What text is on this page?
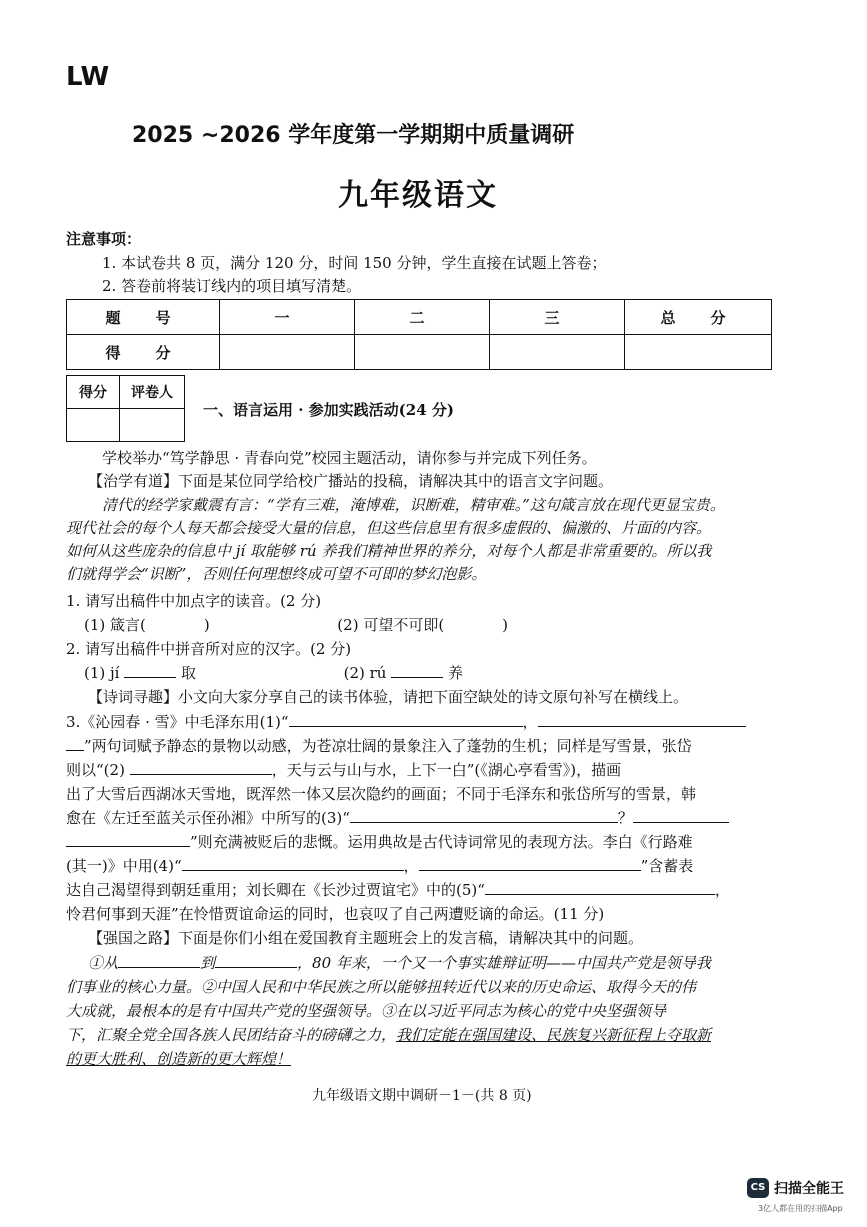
LW
2025 ~2026 学年度第一学期期中质量调研
九年级语文
注意事项：
1. 本试卷共 8 页，满分 120 分，时间 150 分钟，学生直接在试题上答卷；
2. 答卷前将装订线内的项目填写清楚。
题　号	一	二	三	总　分
得　分				
得分	评卷人

一、语言运用 · 参加实践活动(24 分)
学校举办“笃学静思 · 青春向党”校园主题活动，请你参与并完成下列任务。
【治学有道】下面是某位同学给校广播站的投稿，请解决其中的语言文字问题。
清代的经学家戴震有言：“学有三难，淹博难，识断难，精审难。”这句箴言放在现代更显宝贵。
现代社会的每个人每天都会接受大量的信息，但这些信息里有很多虚假的、偏激的、片面的内容。
如何从这些庞杂的信息中 jí 取能够 rú 养我们精神世界的养分，对每个人都是非常重要的。所以我
们就得学会“识断”，否则任何理想终成可望不可即的梦幻泡影。
1. 请写出稿件中加点字的读音。(2 分)
(1) 箴言(	)	(2) 可望不可即(	)
2. 请写出稿件中拼音所对应的汉字。(2 分)
(1) jí	取	(2) rú	养
【诗词寻趣】小文向大家分享自己的读书体验，请把下面空缺处的诗文原句补写在横线上。
3.《沁园春 · 雪》中毛泽东用(1)“	，
”两句词赋予静态的景物以动感，为苍凉壮阔的景象注入了蓬勃的生机；同样是写雪景，张岱
则以“(2)	，天与云与山与水，上下一白”(《湖心亭看雪》)，描画
出了大雪后西湖冰天雪地，既浑然一体又层次隐约的画面；不同于毛泽东和张岱所写的雪景，韩
愈在《左迁至蓝关示侄孙湘》中所写的(3)“	？
”则充满被贬后的悲慨。运用典故是古代诗词常见的表现方法。李白《行路难
(其一)》中用(4)“	，	”含蓄表
达自己渴望得到朝廷重用；刘长卿在《长沙过贾谊宅》中的(5)“	，
怜君何事到天涯”在怜惜贾谊命运的同时，也哀叹了自己两遭贬谪的命运。(11 分)
【强国之路】下面是你们小组在爱国教育主题班会上的发言稿，请解决其中的问题。
①从	到	，80 年来，一个又一个事实雄辩证明——中国共产党是领导我
们事业的核心力量。②中国人民和中华民族之所以能够扭转近代以来的历史命运、取得今天的伟
大成就，最根本的是有中国共产党的坚强领导。③在以习近平同志为核心的党中央坚强领导
下，汇聚全党全国各族人民团结奋斗的磅礴之力，我们定能在强国建设、民族复兴新征程上夺取新
的更大胜利、创造新的更大辉煌！
九年级语文期中调研－1－(共 8 页)
CS 扫描全能王
3亿人都在用的扫描App
